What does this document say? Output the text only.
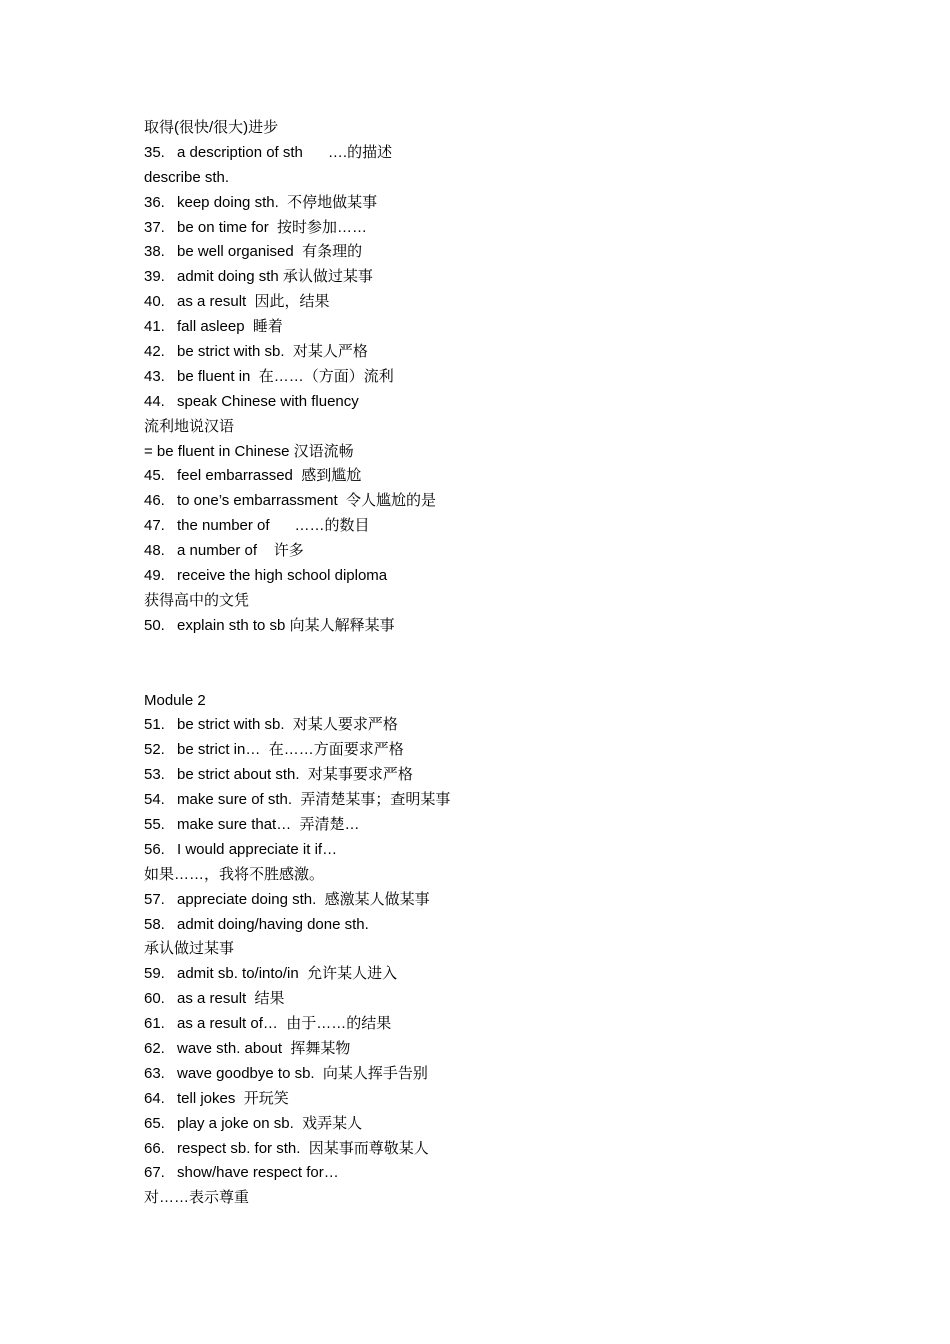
取得(很快/很大)进步
35. a description of sth      ….的描述
describe sth.
36. keep doing sth.  不停地做某事
37. be on time for  按时参加……
38. be well organised  有条理的
39. admit doing sth 承认做过某事
40. as a result  因此，结果
41. fall asleep  睡着
42. be strict with sb.  对某人严格
43. be fluent in  在……（方面）流利
44. speak Chinese with fluency
流利地说汉语
= be fluent in Chinese 汉语流畅
45. feel embarrassed  感到尴尬
46. to one’s embarrassment  令人尴尬的是
47. the number of      ……的数目
48. a number of    许多
49. receive the high school diploma
获得高中的文凭
50. explain sth to sb 向某人解释某事
Module 2
51. be strict with sb.  对某人要求严格
52. be strict in…  在……方面要求严格
53. be strict about sth.  对某事要求严格
54. make sure of sth.  弄清楚某事；查明某事
55. make sure that…  弄清楚…
56. I would appreciate it if…
如果……，我将不胜感激。
57. appreciate doing sth.  感激某人做某事
58. admit doing/having done sth.
承认做过某事
59. admit sb. to/into/in  允许某人进入
60. as a result  结果
61. as a result of…  由于……的结果
62. wave sth. about  挥舞某物
63. wave goodbye to sb.  向某人挥手告别
64. tell jokes  开玩笑
65. play a joke on sb.  戏弄某人
66. respect sb. for sth.  因某事而尊敬某人
67. show/have respect for…
对……表示尊重
